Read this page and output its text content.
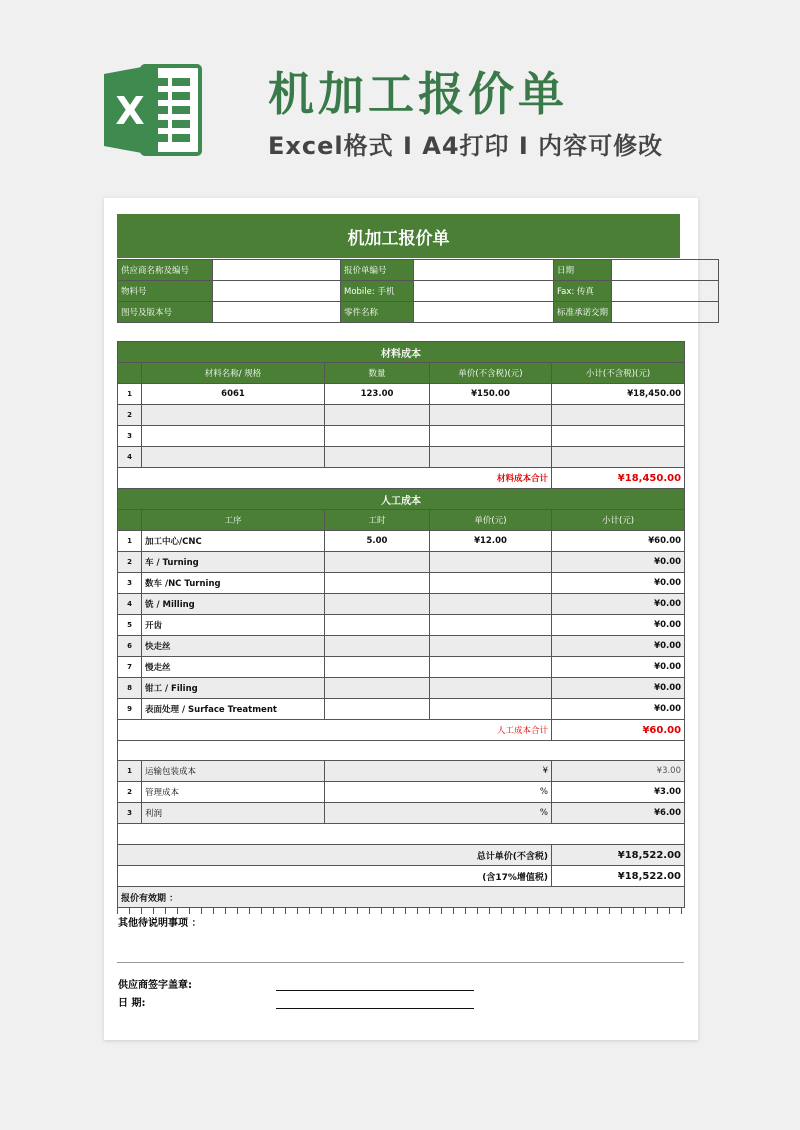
X	机加工报价单
Excel格式 I A4打印 I 内容可修改
机加工报价单
供应商名称及编号		报价单编号		日期	
物料号		Mobile: 手机		Fax: 传真	
图号及版本号		零件名称		标准承诺交期	
材料成本				
	材料名称/ 规格	数量	单价(不含税)(元)	小计(不含税)(元)
1	6061	123.00	¥150.00	¥18,450.00
2				
3				
4				
材料成本合计				¥18,450.00
人工成本				
	工序	工时	单价(元)	小计(元)
1	加工中心/CNC	5.00	¥12.00	¥60.00
2	车 / Turning			¥0.00
3	数车 /NC Turning			¥0.00
4	铣 / Milling			¥0.00
5	开齿			¥0.00
6	快走丝			¥0.00
7	慢走丝			¥0.00
8	钳工 / Filing			¥0.00
9	表面处理 / Surface Treatment			¥0.00
人工成本合计				¥60.00

1	运输包装成本	¥	¥3.00
2	管理成本	%	¥3.00
3	利润	%	¥6.00

总计单价(不含税)			¥18,522.00
(含17%增值税)			¥18,522.00
报价有效期 ：			
其他待说明事项 ：
供应商签字盖章:
日 期:
